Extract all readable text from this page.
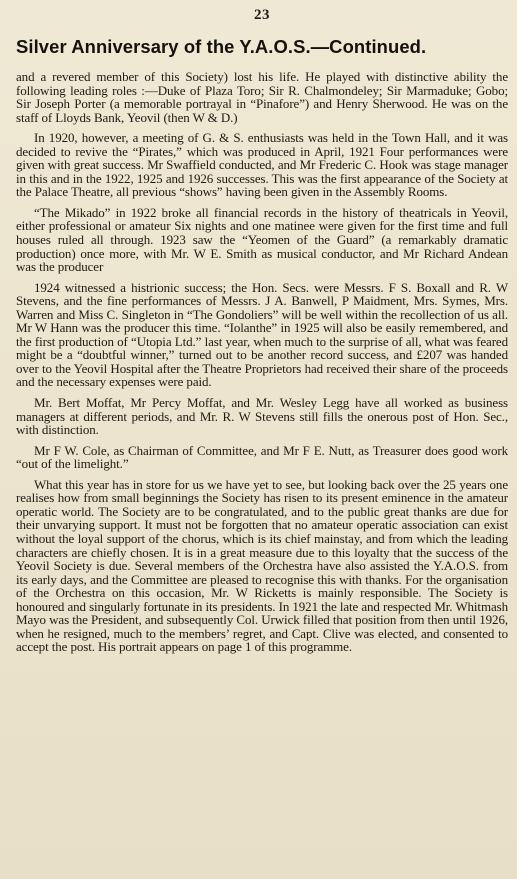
23
Silver Anniversary of the Y.A.O.S.—Continued.

and a revered member of this Society) lost his life. He played with distinctive ability the following leading roles :—Duke of Plaza Toro; Sir R. Chalmondeley; Sir Marmaduke; Gobo; Sir Joseph Porter (a memorable portrayal in “Pinafore”) and Henry Sherwood. He was on the staff of Lloyds Bank, Yeovil (then W & D.)

In 1920, however, a meeting of G. & S. enthusiasts was held in the Town Hall, and it was decided to revive the “Pirates,” which was produced in April, 1921 Four performances were given with great success. Mr Swaffield conducted, and Mr Frederic C. Hook was stage manager in this and in the 1922, 1925 and 1926 successes. This was the first appearance of the Society at the Palace Theatre, all previous “shows” having been given in the Assembly Rooms.

“The Mikado” in 1922 broke all financial records in the history of theatricals in Yeovil, either professional or amateur Six nights and one matinee were given for the first time and full houses ruled all through. 1923 saw the “Yeomen of the Guard” (a remarkably dramatic production) once more, with Mr. W E. Smith as musical conductor, and Mr Richard Andean was the producer

1924 witnessed a histrionic success; the Hon. Secs. were Messrs. F S. Boxall and R. W Stevens, and the fine performances of Messrs. J A. Banwell, P Maidment, Mrs. Symes, Mrs. Warren and Miss C. Singleton in “The Gondoliers” will be well within the recollection of us all. Mr W Hann was the producer this time. “Iolanthe” in 1925 will also be easily remembered, and the first production of “Utopia Ltd.” last year, when much to the surprise of all, what was feared might be a “doubtful winner,” turned out to be another record success, and £207 was handed over to the Yeovil Hospital after the Theatre Proprietors had received their share of the proceeds and the necessary expenses were paid.

Mr. Bert Moffat, Mr Percy Moffat, and Mr. Wesley Legg have all worked as business managers at different periods, and Mr. R. W Stevens still fills the onerous post of Hon. Sec., with distinction.

Mr F W. Cole, as Chairman of Committee, and Mr F E. Nutt, as Treasurer does good work “out of the limelight.”

What this year has in store for us we have yet to see, but looking back over the 25 years one realises how from small beginnings the Society has risen to its present eminence in the amateur operatic world. The Society are to be congratulated, and to the public great thanks are due for their unvarying support. It must not be forgotten that no amateur operatic association can exist without the loyal support of the chorus, which is its chief mainstay, and from which the leading characters are chiefly chosen. It is in a great measure due to this loyalty that the success of the Yeovil Society is due. Several members of the Orchestra have also assisted the Y.A.O.S. from its early days, and the Committee are pleased to recognise this with thanks. For the organisation of the Orchestra on this occasion, Mr. W Ricketts is mainly responsible. The Society is honoured and singularly fortunate in its presidents. In 1921 the late and respected Mr. Whitmash Mayo was the President, and subsequently Col. Urwick filled that position from then until 1926, when he resigned, much to the members’ regret, and Capt. Clive was elected, and consented to accept the post. His portrait appears on page 1 of this programme.
